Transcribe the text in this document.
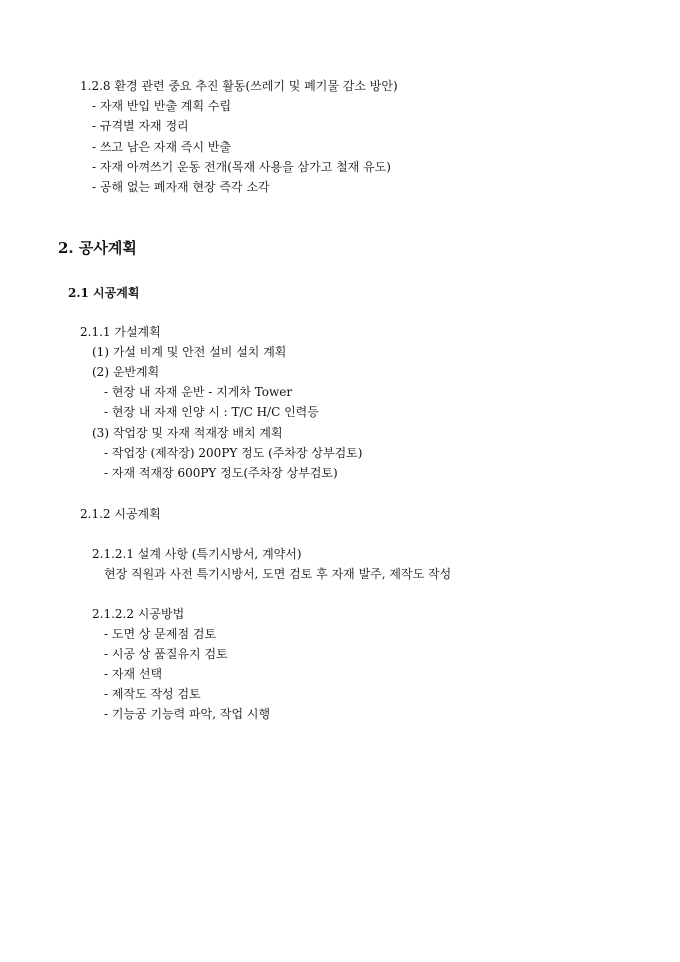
1.2.8 환경 관련 중요 추진 활동(쓰레기 및 폐기물 감소 방안)
- 자재 반입 반출 계획 수립
- 규격별 자재 정리
- 쓰고 남은 자재 즉시 반출
- 자재 아껴쓰기 운동 전개(목재 사용을 삼가고 철재 유도)
- 공해 없는 폐자재 현장 즉각 소각
2. 공사계획
2.1 시공계획
2.1.1 가설계획
(1) 가설 비계 및 안전 설비 설치 계획
(2) 운반계획
- 현장 내 자재 운반 - 지게차 Tower
- 현장 내 자재 인양 시 : T/C H/C 인력등
(3) 작업장 및 자재 적재장 배치 계획
- 작업장 (제작장) 200PY 정도 (주차장 상부검토)
- 자재 적재장 600PY 정도(주차장 상부검토)
2.1.2 시공계획
2.1.2.1 설계 사항 (특기시방서, 계약서)
현장 직원과 사전 특기시방서, 도면 검토 후 자재 발주, 제작도 작성
2.1.2.2 시공방법
- 도면 상 문제점 검토
- 시공 상 품질유지 검토
- 자재 선택
- 제작도 작성 검토
- 기능공 기능력 파악, 작업 시행
